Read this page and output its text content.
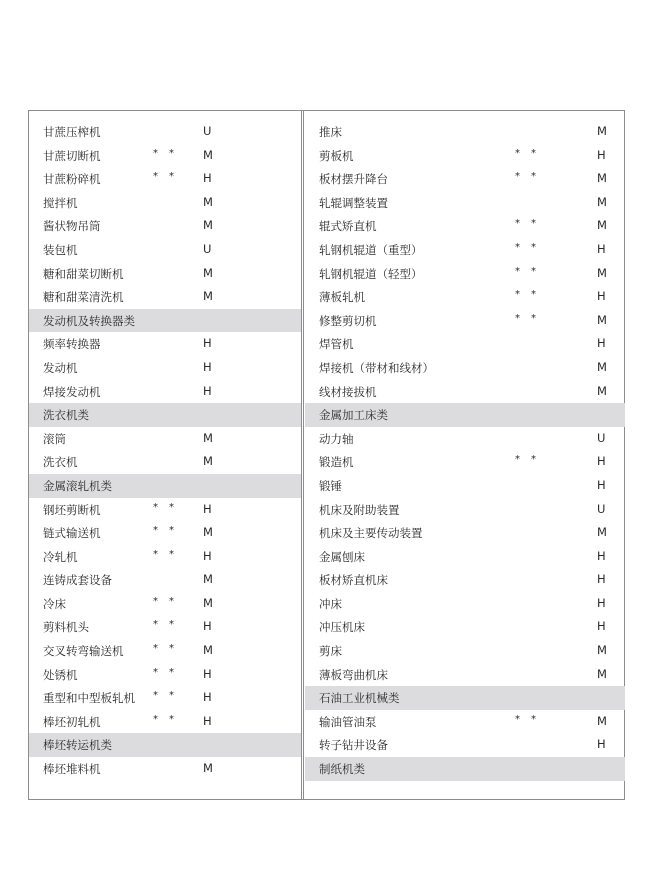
甘蔗压榨机	U
甘蔗切断机	** M
甘蔗粉碎机	** H
搅拌机	M
酱状物吊筒	M
装包机	U
糖和甜菜切断机	M
糖和甜菜清洗机	M
发动机及转换器类
频率转换器	H
发动机	H
焊接发动机	H
洗衣机类
滚筒	M
洗衣机	M
金属滚轧机类
钢坯剪断机	** H
链式输送机	** M
冷轧机	** H
连铸成套设备	M
冷床	** M
剪料机头	** H
交叉转弯输送机	** M
处锈机	** H
重型和中型板轧机 ** H
棒坯初轧机	** H
棒坯转运机类
棒坯堆料机	M
推床	M
剪板机	**	H
板材摆升降台	**	M
轧辊调整装置	M
辊式矫直机	**	M
轧钢机辊道（重型）	**	H
轧钢机辊道（轻型）	**	M
薄板轧机	**	H
修整剪切机	**	M
焊管机	H
焊接机（带材和线材）	M
线材接拔机	M
金属加工床类
动力轴	U
锻造机	**	H
锻锤	H
机床及附助装置	U
机床及主要传动装置	M
金属刨床	H
板材矫直机床	H
冲床	H
冲压机床	H
剪床	M
薄板弯曲机床	M
石油工业机械类
输油管油泵	**	M
转子钻井设备	H
制纸机类
